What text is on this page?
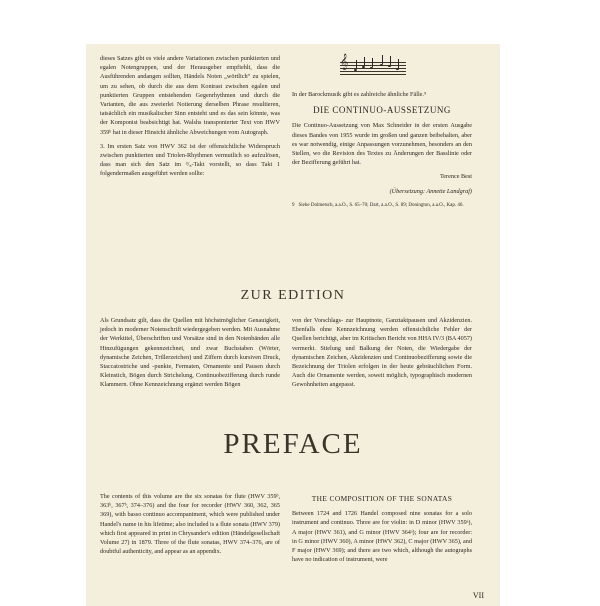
dieses Satzes gibt es viele andere Variationen zwischen punktierten und egalen Notengruppen, und der Herausgeber empfiehlt, dass die Ausführenden andangen sollten, Händels Noten „wörtlich“ zu spielen, um zu sehen, ob durch die aus dem Kontrast zwischen egalen und punktierten Gruppen entstehenden Gegenrhythmen und durch die Varianten, die aus zweierlei Notierung derselben Phrase resultieren, tatsächlich ein musikalischer Sinn entsteht und es das sein könnte, was der Komponist beabsichtigt hat. Walshs transponierter Text von HWV 359ᵇ hat in dieser Hinsicht ähnliche Abweichungen vom Autograph.

3. Im ersten Satz von HWV 362 ist der offensichtliche Widerspruch zwischen punktierten und Triolen-Rhythmen vermutlich so aufzulösen, dass man sich den Satz im ³/₈-Takt vorstellt, so dass Takt 1 folgendermaßen ausgeführt werden sollte:

𝄞

In der Barockmusik gibt es zahlreiche ähnliche Fälle.⁹

DIE CONTINUO-AUSSETZUNG

Die Continuo-Aussetzung von Max Schneider in der ersten Ausgabe dieses Bandes von 1955 wurde im großen und ganzen beibehalten, aber es war notwendig, einige Anpassungen vorzunehmen, besonders an den Stellen, wo die Revision des Textes zu Änderungen der Basslinie oder der Bezifferung geführt hat.

Terence Best

(Übersetzung: Annette Landgraf)

9 Siehe Dolmetsch, a.a.O., S. 65–70; Dart, a.a.O., S. 89; Donington, a.a.O., Kap. 46.
ZUR EDITION

Als Grundsatz gilt, dass die Quellen mit höchstmöglicher Genauigkeit, jedoch in moderner Notenschrift wiedergegeben werden. Mit Ausnahme der Werktitel, Überschriften und Vorsätze sind in den Notenbänden alle Hinzufügungen gekennzeichnet, und zwar Buchstaben (Wörter, dynamische Zeichen, Trillerzeichen) und Ziffern durch kursiven Druck, Staccatostriche und -punkte, Fermaten, Ornamente und Pausen durch Kleinstich, Bögen durch Strichelung, Continuobezifferung durch runde Klammern. Ohne Kennzeichnung ergänzt werden Bögen

von der Vorschlags- zur Hauptnote, Ganztaktpausen und Akzidenzien. Ebenfalls ohne Kennzeichnung werden offensichtliche Fehler der Quellen berichtigt, aber im Kritischen Bericht von HHA IV/3 (BA 4057) vermerkt. Stielung und Balkung der Noten, die Wiedergabe der dynamischen Zeichen, Akzidenzien und Continuobezifferung sowie die Bezeichnung der Triolen erfolgen in der heute gebräuchlichen Form. Auch die Ornamente werden, soweit möglich, typographisch modernen Gewohnheiten angepasst.

PREFACE

The contents of this volume are the six sonatas for flute (HWV 359ᵇ, 363ᵇ, 367ᵇ, 374–376) and the four for recorder (HWV 360, 362, 365 369), with basso continuo accompaniment, which were published under Handel's name in his lifetime; also included is a flute sonata (HWV 379) which first appeared in print in Chrysander's edition (Händelgesellschaft Volume 27) in 1879. Three of the flute sonatas, HWV 374–376, are of doubtful authenticity, and appear as an appendix.

THE COMPOSITION OF THE SONATAS

Between 1724 and 1726 Handel composed nine sonatas for a solo instrument and continuo. Three are for violin: in D minor (HWV 359ᵃ), A major (HWV 361), and G minor (HWV 364ᵃ); four are for recorder: in G minor (HWV 360), A minor (HWV 362), C major (HWV 365), and F major (HWV 369); and there are two which, although the autographs have no indication of instrument, were

VII
